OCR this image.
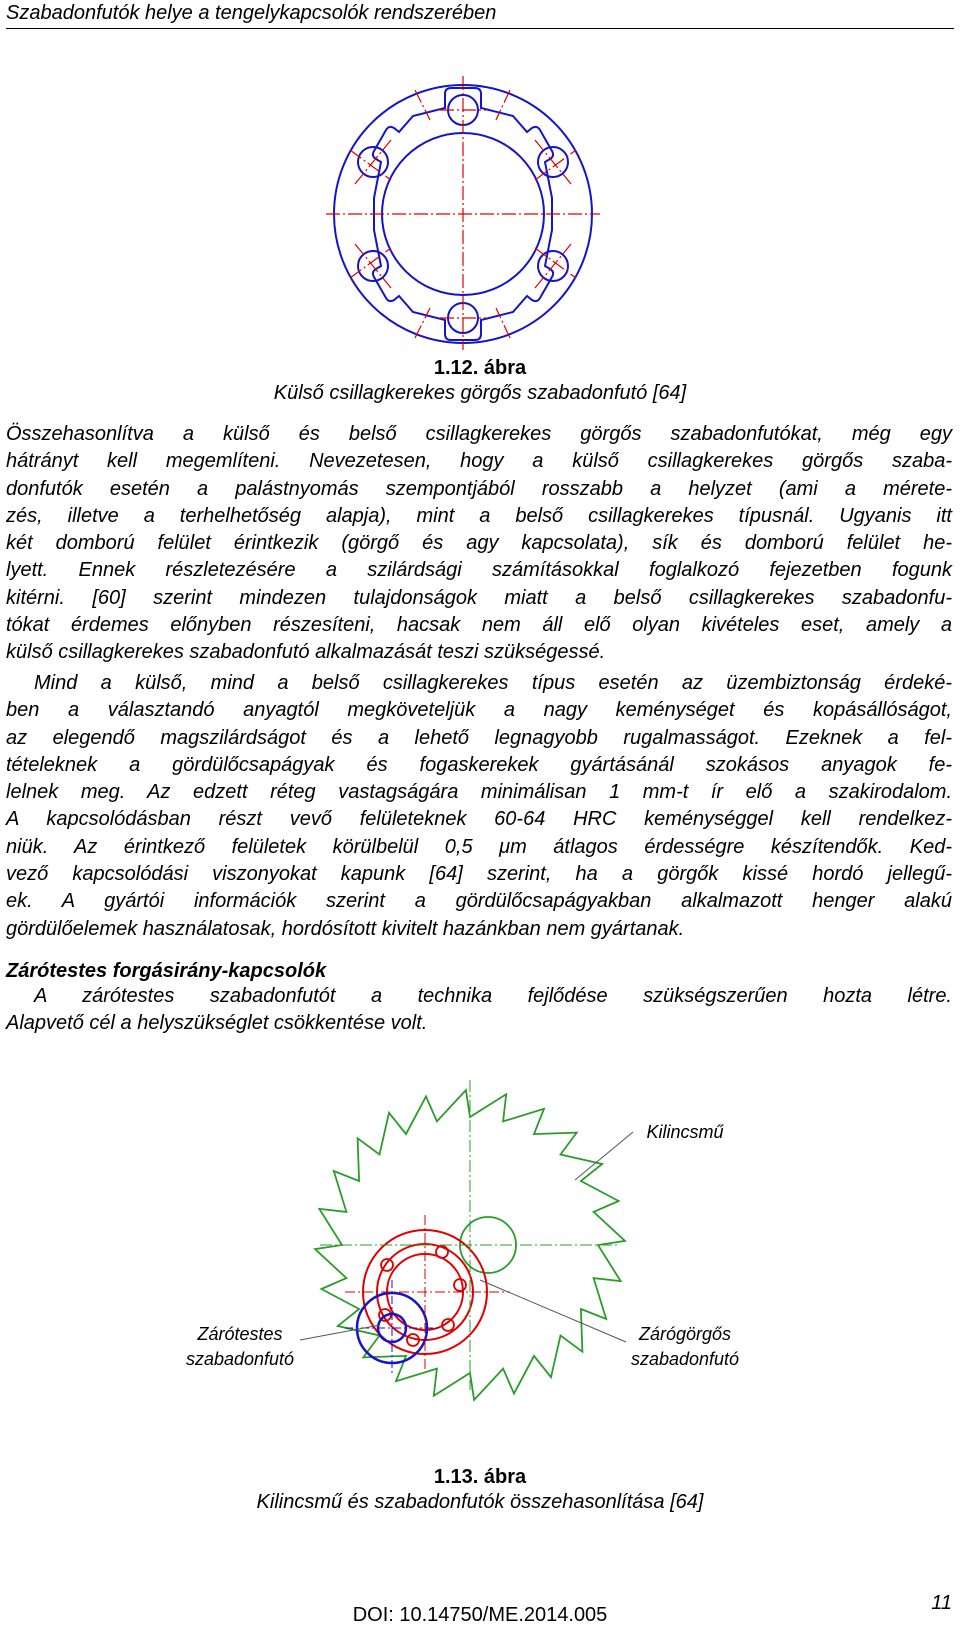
Szabadonfutók helye a tengelykapcsolók rendszerében
1.12. ábra
Külső csillagkerekes görgős szabadonfutó [64]
Összehasonlítva a külső és belső csillagkerekes görgős szabadonfutókat, még egy
hátrányt kell megemlíteni. Nevezetesen, hogy a külső csillagkerekes görgős szaba-
donfutók esetén a palástnyomás szempontjából rosszabb a helyzet (ami a mérete-
zés, illetve a terhelhetőség alapja), mint a belső csillagkerekes típusnál. Ugyanis itt
két domború felület érintkezik (görgő és agy kapcsolata), sík és domború felület he-
lyett. Ennek részletezésére a szilárdsági számításokkal foglalkozó fejezetben fogunk
kitérni. [60] szerint mindezen tulajdonságok miatt a belső csillagkerekes szabadonfu-
tókat érdemes előnyben részesíteni, hacsak nem áll elő olyan kivételes eset, amely a
külső csillagkerekes szabadonfutó alkalmazását teszi szükségessé.
Mind a külső, mind a belső csillagkerekes típus esetén az üzembiztonság érdeké-
ben a választandó anyagtól megköveteljük a nagy keménységet és kopásállóságot,
az elegendő magszilárdságot és a lehető legnagyobb rugalmasságot. Ezeknek a fel-
tételeknek a gördülőcsapágyak és fogaskerekek gyártásánál szokásos anyagok fe-
lelnek meg. Az edzett réteg vastagságára minimálisan 1 mm-t ír elő a szakirodalom.
A kapcsolódásban részt vevő felületeknek 60-64 HRC keménységgel kell rendelkez-
niük. Az érintkező felületek körülbelül 0,5 μm átlagos érdességre készítendők. Ked-
vező kapcsolódási viszonyokat kapunk [64] szerint, ha a görgők kissé hordó jellegű-
ek. A gyártói információk szerint a gördülőcsapágyakban alkalmazott henger alakú
gördülőelemek használatosak, hordósított kivitelt hazánkban nem gyártanak.
Zárótestes forgásirány-kapcsolók
A zárótestes szabadonfutót a technika fejlődése szükségszerűen hozta létre.
Alapvető cél a helyszükséglet csökkentése volt.
Kilincsmű
Zárótestes
szabadonfutó
Zárógörgős
szabadonfutó
1.13. ábra
Kilincsmű és szabadonfutók összehasonlítása [64]
11
DOI: 10.14750/ME.2014.005
